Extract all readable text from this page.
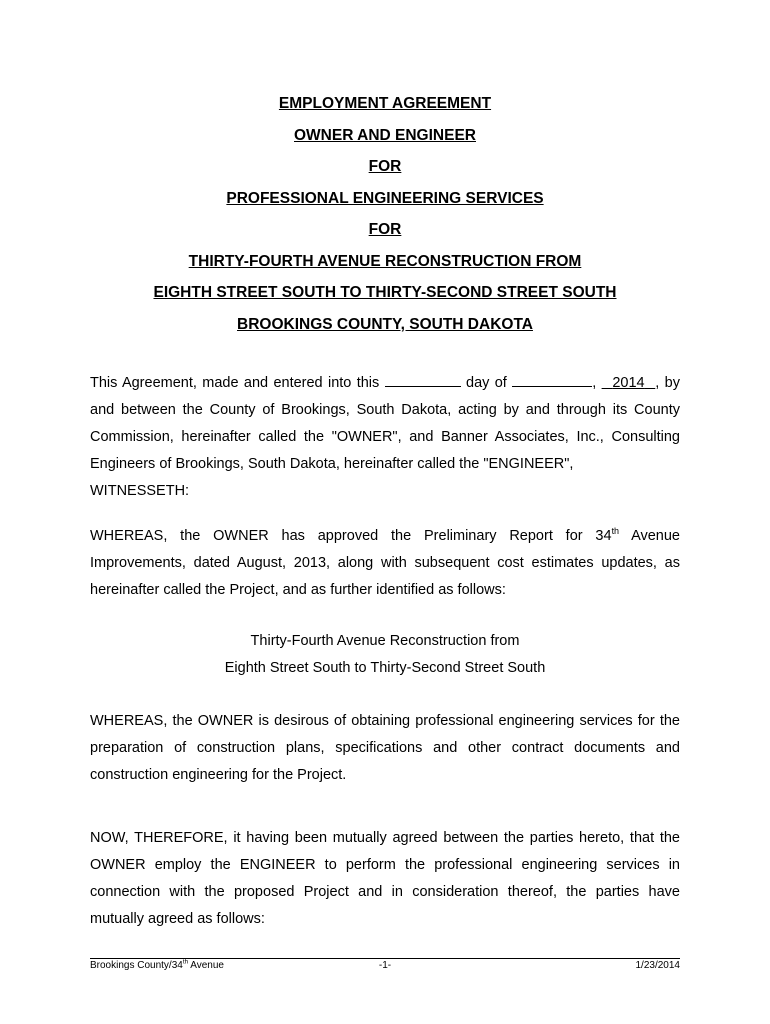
EMPLOYMENT AGREEMENT
OWNER AND ENGINEER
FOR
PROFESSIONAL ENGINEERING SERVICES
FOR
THIRTY-FOURTH AVENUE RECONSTRUCTION FROM
EIGHTH STREET SOUTH TO THIRTY-SECOND STREET SOUTH
BROOKINGS COUNTY, SOUTH DAKOTA
This Agreement, made and entered into this	day of	, 2014 , by and between the County of Brookings, South Dakota, acting by and through its County Commission, hereinafter called the "OWNER", and Banner Associates, Inc., Consulting Engineers of Brookings, South Dakota, hereinafter called the "ENGINEER",
WITNESSETH:
WHEREAS, the OWNER has approved the Preliminary Report for 34th Avenue Improvements, dated August, 2013, along with subsequent cost estimates updates, as hereinafter called the Project, and as further identified as follows:
Thirty-Fourth Avenue Reconstruction from
Eighth Street South to Thirty-Second Street South
WHEREAS, the OWNER is desirous of obtaining professional engineering services for the preparation of construction plans, specifications and other contract documents and construction engineering for the Project.
NOW, THEREFORE, it having been mutually agreed between the parties hereto, that the OWNER employ the ENGINEER to perform the professional engineering services in connection with the proposed Project and in consideration thereof, the parties have mutually agreed as follows:
Brookings County/34th Avenue	-1-	1/23/2014
